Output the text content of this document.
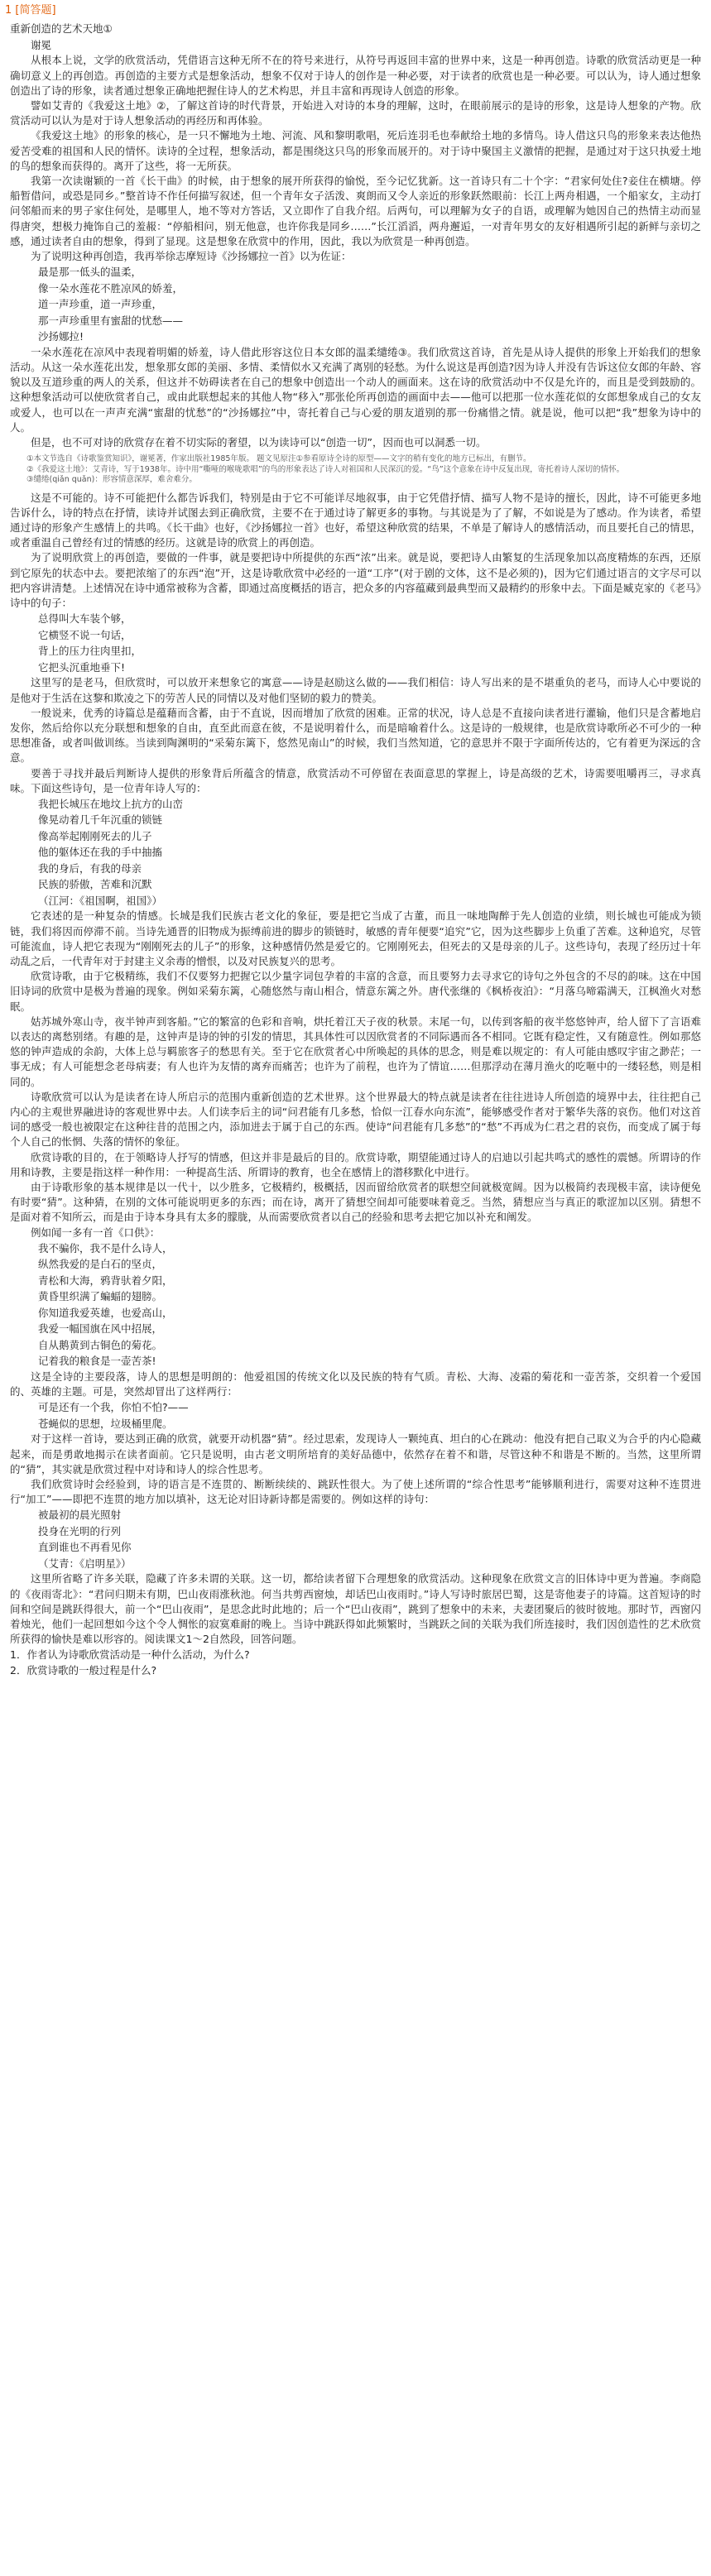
1 [简答题]
重新创造的艺术天地①
谢冕
从根本上说，文学的欣赏活动，凭借语言这种无所不在的符号来进行，从符号再返回丰富的世界中来，这是一种再创造。诗歌的欣赏活动更是一种确切意义上的再创造。再创造的主要方式是想象活动，想象不仅对于诗人的创作是一种必要，对于读者的欣赏也是一种必要。可以认为，诗人通过想象创造出了诗的形象，读者通过想象正确地把握住诗人的艺术构思，并且丰富和再现诗人创造的形象。
譬如艾青的《我爱这土地》②，了解这首诗的时代背景，开始进入对诗的本身的理解，这时，在眼前展示的是诗的形象，这是诗人想象的产物。欣赏活动可以认为是对于诗人想象活动的再经历和再体验。
《我爱这土地》的形象的核心，是一只不懈地为土地、河流、风和黎明歌唱，死后连羽毛也奉献给土地的多情鸟。诗人借这只鸟的形象来表达他热爱苦受难的祖国和人民的情怀。读诗的全过程，想象活动，都是围绕这只鸟的形象而展开的。对于诗中聚国主义激情的把握，是通过对于这只执爱土地的鸟的想象而获得的。离开了这些，将一无所获。
我第一次读谢颖的一首《长干曲》的时候，由于想象的展开所获得的愉悦，至今记忆犹新。这一首诗只有二十个字：“君家何处住?妾住在横塘。停船暂借问，或恐是同乡。”整首诗不作任何描写叙述，但一个青年女子活泼、爽朗而又令人亲近的形象跃然眼前：长江上两舟相遇，一个船家女，主动打问邻船而来的男子家住何处，是哪里人，地不等对方答话，又立即作了自我介绍。后两句，可以理解为女子的自语，或理解为她因自己的热情主动而显得唐突，想极力掩饰自己的羞赧：“停船相问，别无他意，也许你我是同乡……”长江滔滔，两舟邂逅，一对青年男女的友好相遇所引起的新鲜与亲切之感，通过读者自由的想象，得到了显现。这是想象在欣赏中的作用，因此，我以为欣赏是一种再创造。
为了说明这种再创造，我再举徐志摩短诗《沙扬娜拉一首》以为佐证：
最是那一低头的温柔，
像一朵水莲花不胜凉风的娇羞，
道一声珍重，道一声珍重，
那一声珍重里有蜜甜的忧愁——
沙扬娜拉!
一朵水莲花在凉风中表现着明媚的娇羞，诗人借此形容这位日本女郎的温柔缱绻③。我们欣赏这首诗，首先是从诗人提供的形象上开始我们的想象活动。从这一朵水莲花出发，想象那女郎的美丽、多情、柔情似水又充满了离别的轻愁。为什么说这是再创造?因为诗人并没有告诉这位女郎的年龄、容貌以及互道珍重的两人的关系，但这并不妨碍读者在自己的想象中创造出一个动人的画面来。这在诗的欣赏活动中不仅是允许的，而且是受到鼓励的。这种想象活动可以使欣赏者自己，或由此联想起来的其他人物“移入”那张伦所再创造的画面中去——他可以把那一位水莲花似的女郎想象成自己的女友或爱人，也可以在一声声充满“蜜甜的忧愁”的“沙扬娜拉”中，寄托着自己与心爱的朋友道别的那一份痛惜之情。就是说，他可以把“我”想象为诗中的人。
但是，也不可对诗的欣赏存在着不切实际的奢望，以为读诗可以“创造一切”，因而也可以洞悉一切。
①本文节选自《诗歌鉴赏知识》，谢冕著，作家出版社1985年版。 题文见原注①参看原诗全诗的原型——文字的稍有变化的地方已标出，有删节。
②《我爱这土地》：艾青诗，写于1938年。诗中用“嘶哑的喉咙歌唱”的鸟的形象表达了诗人对祖国和人民深沉的爱。“鸟”这个意象在诗中反复出现，寄托着诗人深切的情怀。
③缱绻(qiǎn quǎn)：形容情意深厚，难舍难分。
这是不可能的。诗不可能把什么都告诉我们，特别是由于它不可能详尽地叙事，由于它凭借抒情、描写人物不是诗的擅长，因此，诗不可能更多地告诉什么，诗的特点在抒情，读诗并试图去到正确欣赏，主要不在于通过诗了解更多的事物。与其说是为了了解，不如说是为了感动。作为读者，希望通过诗的形象产生感情上的共鸣。《长干曲》也好，《沙扬娜拉一首》也好，希望这种欣赏的结果，不单是了解诗人的感情活动，而且要托自己的情思，或者重温自己曾经有过的情感的经历。这就是诗的欣赏上的再创造。
为了说明欣赏上的再创造，要做的一件事，就是要把诗中所提供的东西“浓”出来。就是说，要把诗人由繁复的生活现象加以高度精炼的东西，还原到它原先的状态中去。要把浓缩了的东西“泡”开，这是诗歌欣赏中必经的一道“工序”(对于剧的文体，这不是必须的)，因为它们通过语言的文字尽可以把内容讲清楚。上述情况在诗中通常被称为含蓄，即通过高度概括的语言，把众多的内容蕴藏到最典型而又最精约的形象中去。下面是臧克家的《老马》诗中的句子：
总得叫大车装个够，
它横竖不说一句话，
背上的压力往肉里扣，
它把头沉重地垂下!
这里写的是老马，但欣赏时，可以放开来想象它的寓意——诗是赵励这么做的——我们相信：诗人写出来的是不堪重负的老马，而诗人心中要说的是他对于生活在这黎和欺凌之下的劳苦人民的同情以及对他们坚韧的毅力的赞美。
一般说来，优秀的诗篇总是蕴藉而含蓄，由于不直说，因而增加了欣赏的困难。正常的状况，诗人总是不直接向读者进行灌输，他们只是含蓄地启发你，然后给你以充分联想和想象的自由，直至此而意在彼，不是说明着什么，而是暗喻着什么。这是诗的一般规律，也是欣赏诗歌所必不可少的一种思想准备，或者叫做训练。当读到陶渊明的“采菊东篱下，悠然见南山”的时候，我们当然知道，它的意思并不限于字面所传达的，它有着更为深远的含意。
要善于寻找并最后判断诗人提供的形象背后所蕴含的情意，欣赏活动不可停留在表面意思的掌握上，诗是高级的艺术，诗需要咀嚼再三，寻求真味。下面这些诗句，是一位青年诗人写的：
我把长城压在地坟上抗方的山峦
像晃动着几千年沉重的锁链
像高举起刚刚死去的儿子
他的躯体还在我的手中抽搐
我的身后，有我的母亲
民族的骄傲，苦难和沉默
（江河：《祖国啊，祖国》）
它表述的是一种复杂的情感。长城是我们民族古老文化的象征，要是把它当成了古董，而且一味地陶醉于先人创造的业绩，则长城也可能成为锁链，我们将因而停滞不前。当诗先通晋的旧物成为振缚前进的脚步的锁链时，敏感的青年便要“追究”它，因为这些脚步上负重了苦难。这种追究，尽管可能流血，诗人把它表现为“刚刚死去的儿子”的形象，这种感情仍然是爱它的。它刚刚死去，但死去的又是母亲的儿子。这些诗句，表现了经历过十年动乱之后，一代青年对于封建主义余毒的憎恨，以及对民族复兴的思考。
欣赏诗歌，由于它极精练，我们不仅要努力把握它以少量字词包孕着的丰富的含意，而且要努力去寻求它的诗句之外包含的不尽的韵味。这在中国旧诗词的欣赏中是极为普遍的现象。例如采菊东篱，心随悠然与南山相合，情意东篱之外。唐代张继的《枫桥夜泊》：“月落乌啼霜满天，江枫渔火对愁眠。
姑苏城外寒山寺，夜半钟声到客船。”它的繁富的色彩和音响，烘托着江天子夜的秋景。末尾一句，以传到客船的夜半悠悠钟声，给人留下了言语难以表达的离愁别绪。有趣的是，这钟声是诗的钟的引发的情思，其具体性可以因欣赏者的不同际遇而各不相同。它既有稳定性，又有随意性。例如那悠悠的钟声造成的余韵，大体上总与羁旅客子的愁思有关。至于它在欣赏者心中所唤起的具体的思念，则是难以规定的：有人可能由感叹宇宙之渺茫；一事无成；有人可能想念老母病妻；有人也许为友情的离弃而痛苦；也许为了前程，也许为了情谊……但那浮动在薄月渔火的吃咂中的一缕轻愁，则是相同的。
诗歌欣赏可以认为是读者在诗人所启示的范围内重新创造的艺术世界。这个世界最大的特点就是读者在往往进诗人所创造的境界中去，往往把自己内心的主观世界融进诗的客观世界中去。人们读李后主的词“问君能有几多愁，恰似一江春水向东流”，能够感受作者对于繁华失落的哀伤。他们对这首词的感受一般也被限定在这种往昔的范围之内，添加进去于属于自己的东西。使诗“问君能有几多愁”的“愁”不再成为仁君之君的哀伤，而变成了属于每个人自己的怅惘、失落的情怀的象征。
欣赏诗歌的目的，在于领略诗人抒写的情感，但这并非是最后的目的。欣赏诗歌，期望能通过诗人的启迪以引起共鸣式的感性的震憾。所谓诗的作用和诗教，主要是指这样一种作用：一种提高生活、所谓诗的教育，也全在感情上的潜移默化中进行。
由于诗歌形象的基本规律是以一代十，以少胜多，它极精约，极概括，因而留给欣赏者的联想空间就极宽阔。因为以极简约表现极丰富，读诗便免有时要“猜”。这种猜，在别的文体可能说明更多的东西；而在诗，离开了猜想空间却可能要味着竟乏。当然，猜想应当与真正的歌涩加以区别。猜想不是面对着不知所云，而是由于诗本身具有太多的朦胧，从而需要欣赏者以自己的经验和思考去把它加以补充和阐发。
例如闻一多有一首《口供》：
我不骗你，我不是什么诗人，
纵然我爱的是白石的坚贞，
青松和大海，鸦背驮着夕阳，
黄昏里织满了蝙蝠的翅膀。
你知道我爱英雄，也爱高山，
我爱一幅国旗在风中招展，
自从鹅黄到古铜色的菊花。
记着我的粮食是一壶苦茶!
这是全诗的主要段落，诗人的思想是明朗的：他爱祖国的传统文化以及民族的特有气质。青松、大海、凌霜的菊花和一壶苦茶，交织着一个爱国的、英雄的主题。可是，突然却冒出了这样两行：
可是还有一个我，你怕不怕?——
苍蝇似的思想，垃圾桶里爬。
对于这样一首诗，要达到正确的欣赏，就要开动机器“猜”。经过思索，发现诗人一颗纯真、坦白的心在跳动：他没有把自己取义为合乎的内心隐藏起来，而是勇敢地揭示在读者面前。它只是说明，由古老文明所培育的美好品德中，依然存在着不和谐，尽管这种不和谐是不断的。当然，这里所谓的“猜”，其实就是欣赏过程中对诗和诗人的综合性思考。
我们欣赏诗时会经验到，诗的语言是不连贯的、断断续续的、跳跃性很大。为了使上述所谓的“综合性思考”能够顺利进行，需要对这种不连贯进行“加工”——即把不连贯的地方加以填补，这无论对旧诗新诗都是需要的。例如这样的诗句：
被最初的晨光照射
投身在光明的行列
直到谁也不再看见你
（艾青：《启明星》）
这里所省略了许多关联，隐藏了许多未谓的关联。这一切，都给读者留下合理想象的欣赏活动。这种现象在欣赏文言的旧体诗中更为普遍。李商隐的《夜雨寄北》：“君问归期未有期，巴山夜雨涨秋池。何当共剪西窗烛，却话巴山夜雨时。”诗人写诗时旅居巴蜀，这是寄他妻子的诗篇。这首短诗的时间和空间是跳跃得很大，前一个“巴山夜雨”，是思念此时此地的；后一个“巴山夜雨”，跳到了想象中的未来，夫妻团聚后的彼时彼地。那时节，西窗闪着烛光，他们一起回想如今这个令人惆怅的寂寞难耐的晚上。当诗中跳跃得如此频繁时，当跳跃之间的关联为我们所连接时，我们因创造性的艺术欣赏所获得的愉快是难以形容的。阅读课文1～2自然段，回答问题。
1．作者认为诗歌欣赏活动是一种什么活动，为什么?
2．欣赏诗歌的一般过程是什么?
